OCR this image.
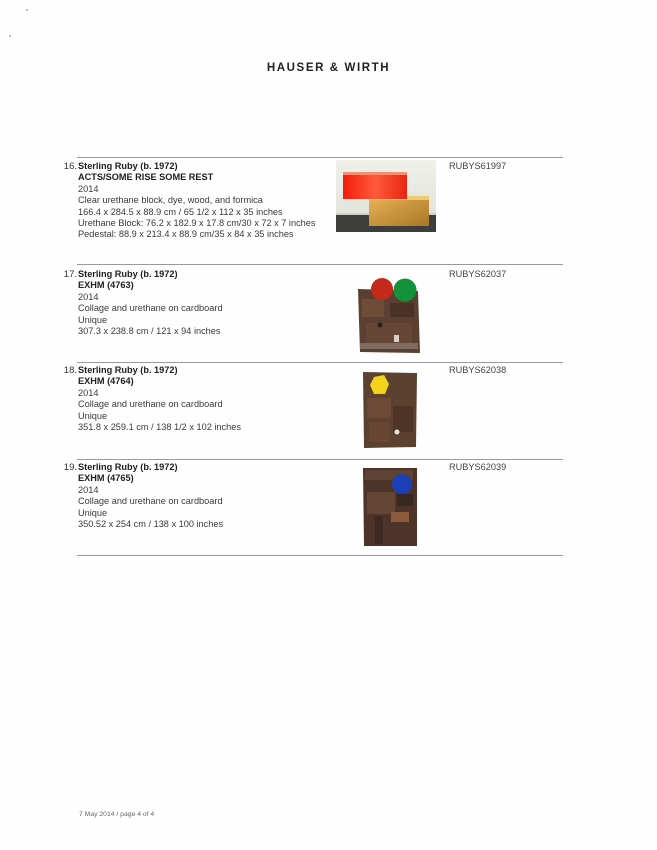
HAUSER & WIRTH
16. Sterling Ruby (b. 1972)
ACTS/SOME RISE SOME REST
2014
Clear urethane block, dye, wood, and formica
166.4 x 284.5 x 88.9 cm / 65 1/2 x 112 x 35 inches
Urethane Block: 76.2 x 182.9 x 17.8 cm/30 x 72 x 7 inches
Pedestal: 88.9 x 213.4 x 88.9 cm/35 x 84 x 35 inches
RUBYS61997
17. Sterling Ruby (b. 1972)
EXHM (4763)
2014
Collage and urethane on cardboard
Unique
307.3 x 238.8 cm / 121 x 94 inches
RUBYS62037
18. Sterling Ruby (b. 1972)
EXHM (4764)
2014
Collage and urethane on cardboard
Unique
351.8 x 259.1 cm / 138 1/2 x 102 inches
RUBYS62038
19. Sterling Ruby (b. 1972)
EXHM (4765)
2014
Collage and urethane on cardboard
Unique
350.52 x 254 cm / 138 x 100 inches
RUBYS62039
7 May 2014 / page 4 of 4
